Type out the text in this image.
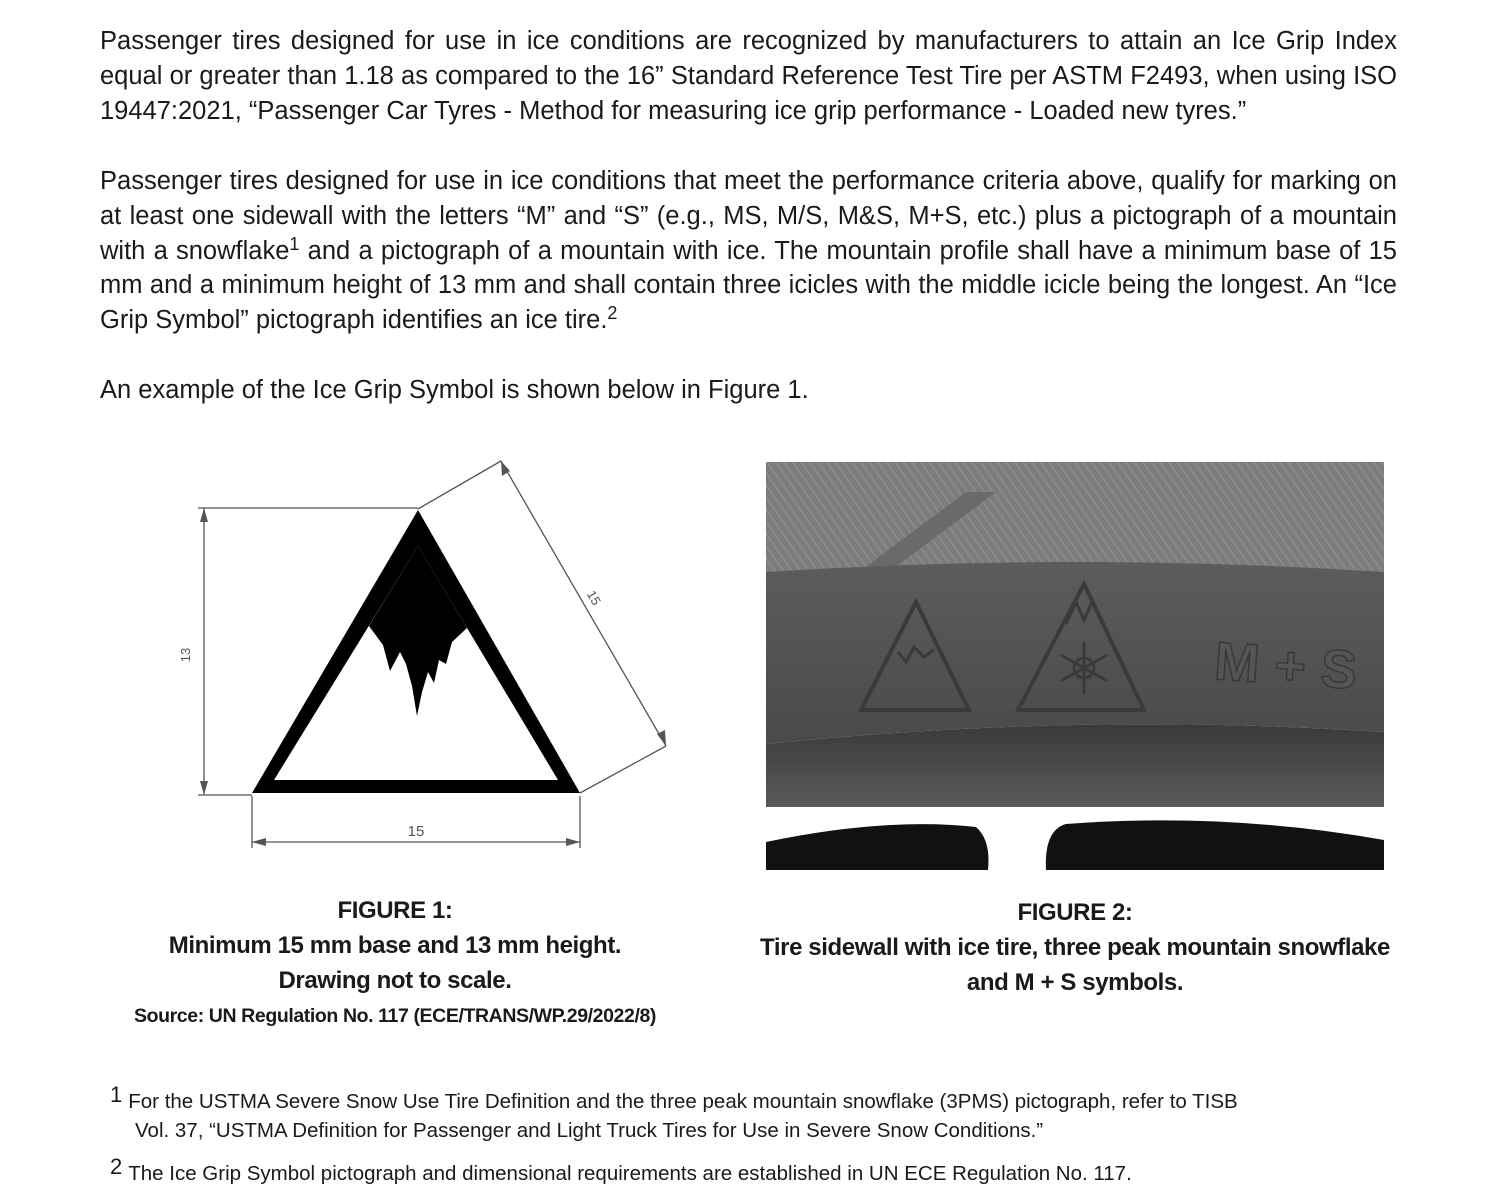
Passenger tires designed for use in ice conditions are recognized by manufacturers to attain an Ice Grip Index equal or greater than 1.18 as compared to the 16” Standard Reference Test Tire per ASTM F2493, when using ISO 19447:2021, “Passenger Car Tyres - Method for measuring ice grip performance - Loaded new tyres.”

Passenger tires designed for use in ice conditions that meet the performance criteria above, qualify for marking on at least one sidewall with the letters “M” and “S” (e.g., MS, M/S, M&S, M+S, etc.) plus a pictograph of a mountain with a snowflake$^1$ and a pictograph of a mountain with ice. The mountain profile shall have a minimum base of 15 mm and a minimum height of 13 mm and shall contain three icicles with the middle icicle being the longest. An “Ice Grip Symbol” pictograph identifies an ice tire.$^2$

An example of the Ice Grip Symbol is shown below in Figure 1.

13
15
15
M + S
FIGURE 1:
Minimum 15 mm base and 13 mm height.
Drawing not to scale.
Source: UN Regulation No. 117 (ECE/TRANS/WP.29/2022/8)
FIGURE 2:
Tire sidewall with ice tire, three peak mountain snowflake
and M + S symbols.

1 For the USTMA Severe Snow Use Tire Definition and the three peak mountain snowflake (3PMS) pictograph, refer to TISB
Vol. 37, “USTMA Definition for Passenger and Light Truck Tires for Use in Severe Snow Conditions.”

2 The Ice Grip Symbol pictograph and dimensional requirements are established in UN ECE Regulation No. 117.
